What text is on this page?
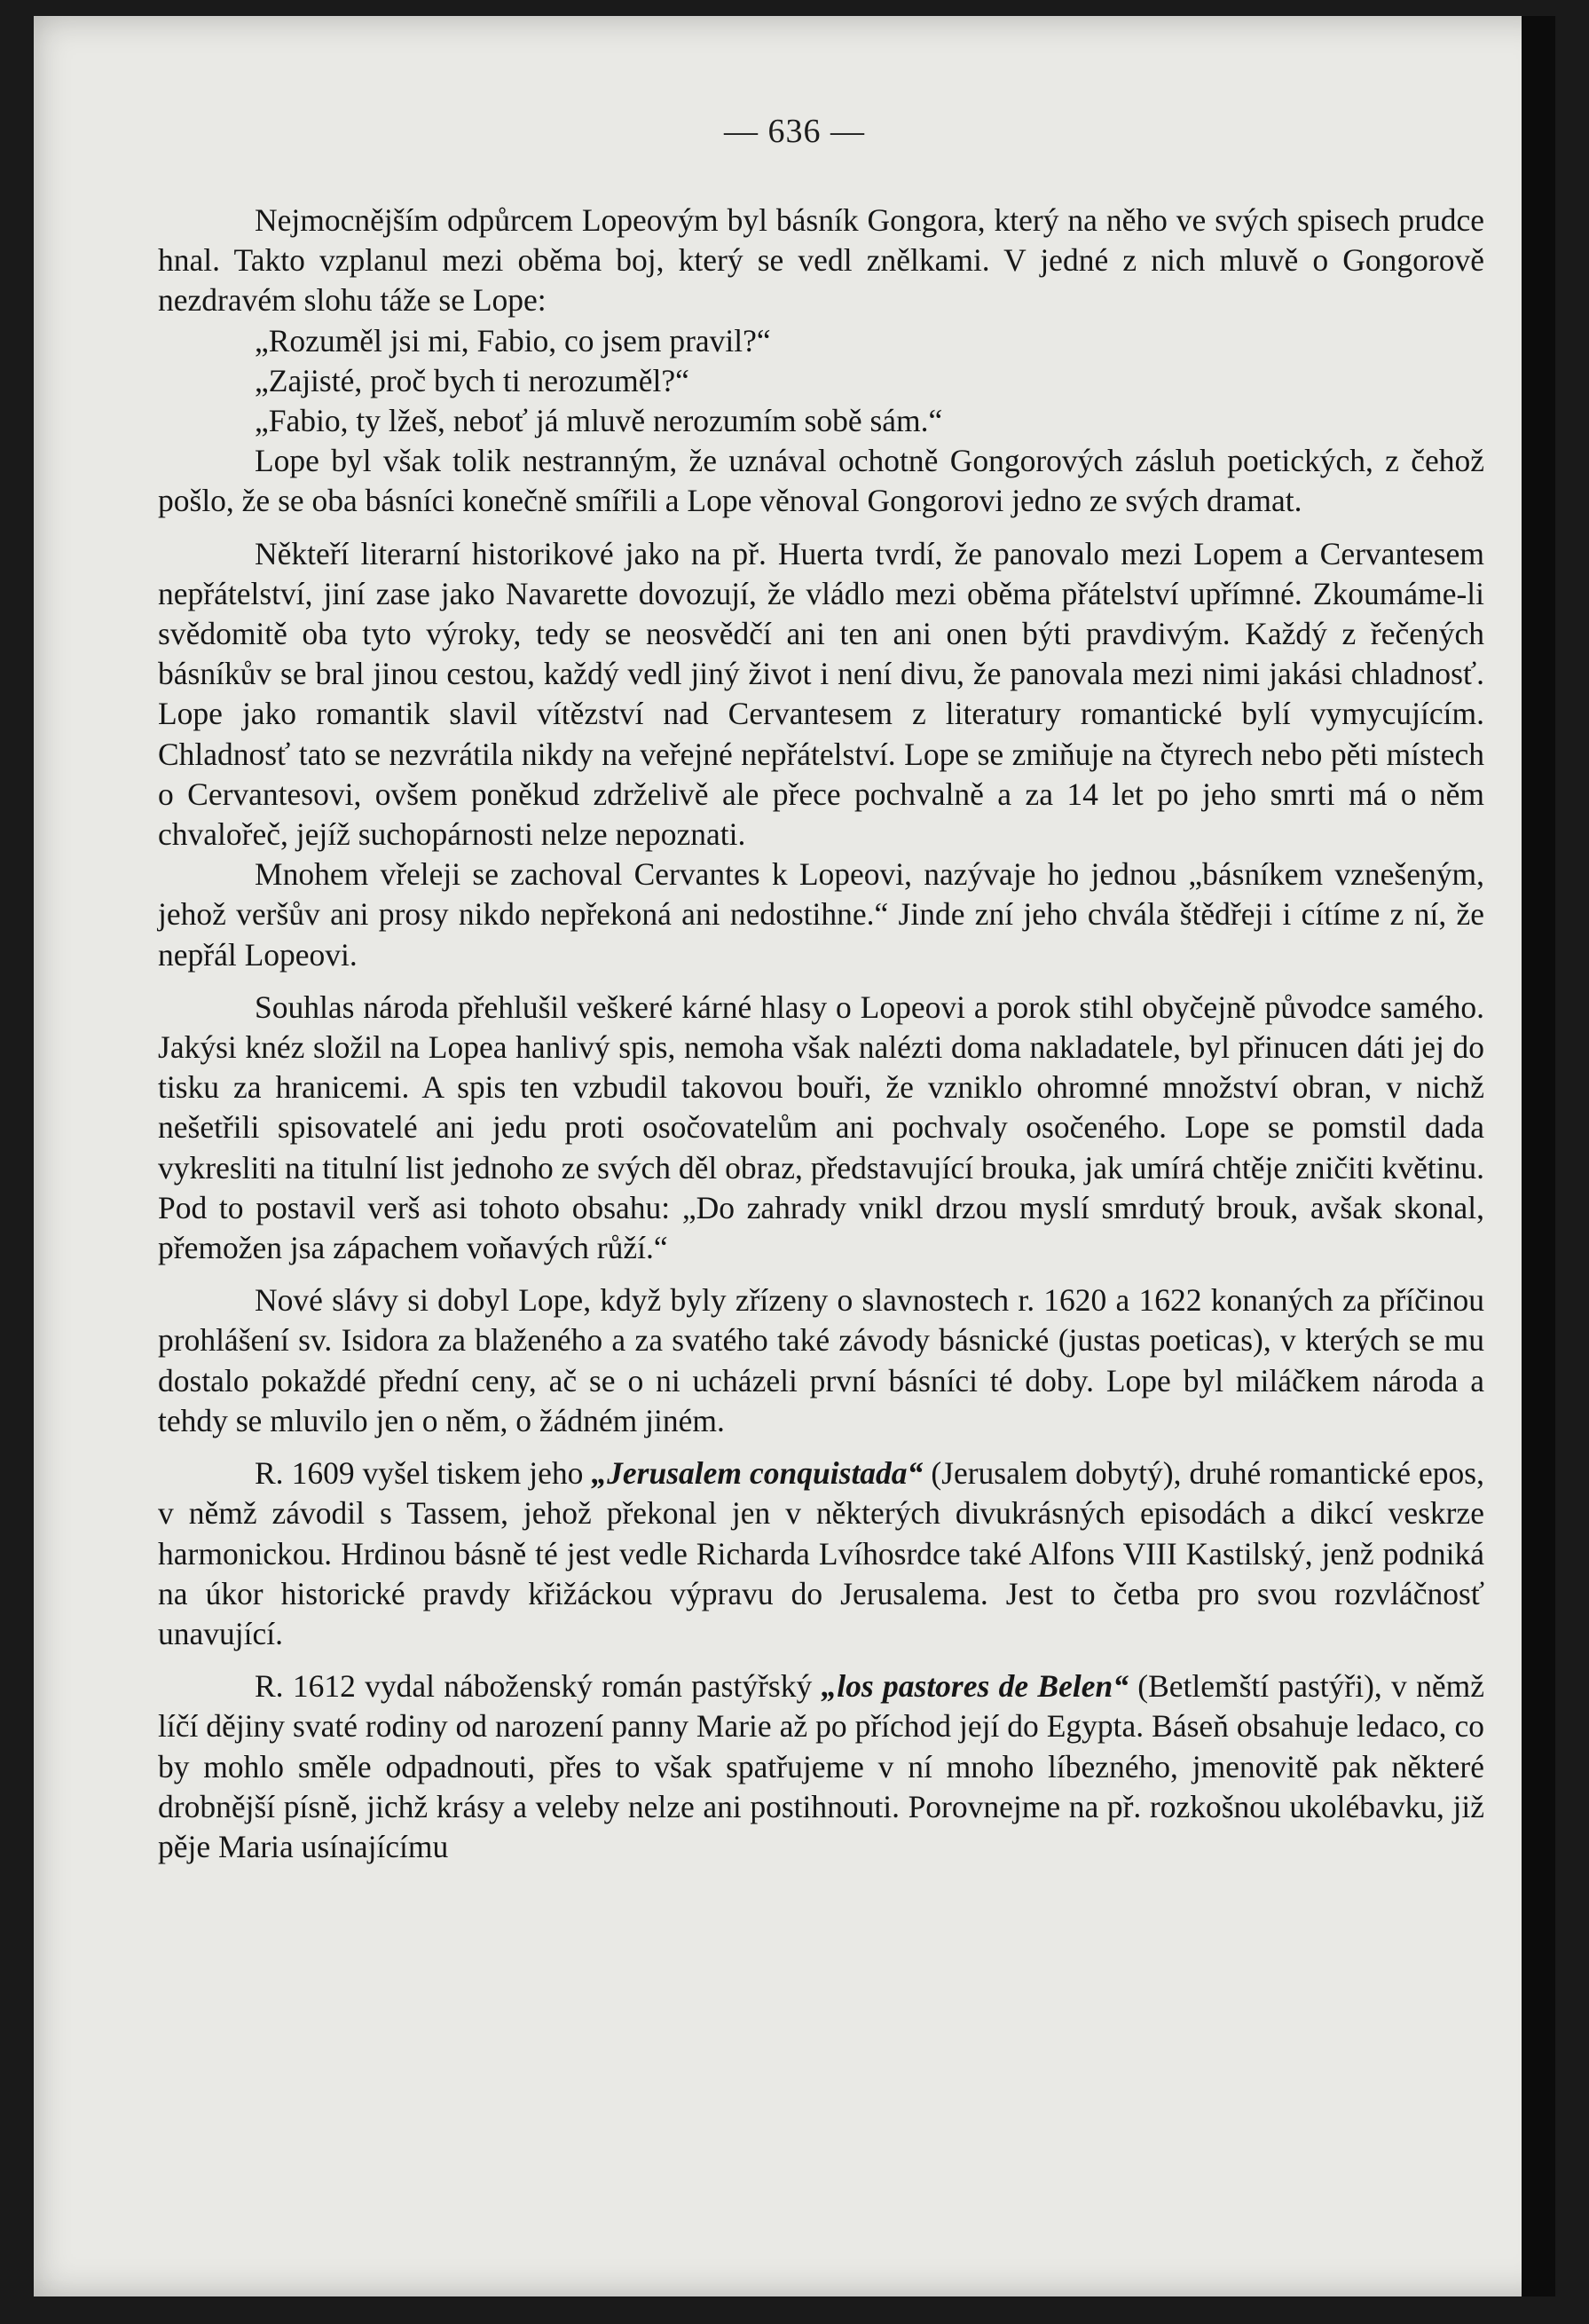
— 636 —

Nejmocnějším odpůrcem Lopeovým byl básník Gongora, který na něho ve svých spisech prudce hnal. Takto vzplanul mezi oběma boj, který se vedl znělkami. V jedné z nich mluvě o Gongorově nezdravém slohu táže se Lope:

„Rozuměl jsi mi, Fabio, co jsem pravil?“

„Zajisté, proč bych ti nerozuměl?“

„Fabio, ty lžeš, neboť já mluvě nerozumím sobě sám.“

Lope byl však tolik nestranným, že uznával ochotně Gongorových zásluh poetických, z čehož pošlo, že se oba básníci konečně smířili a Lope věnoval Gongorovi jedno ze svých dramat.

Někteří literarní historikové jako na př. Huerta tvrdí, že panovalo mezi Lopem a Cervantesem nepřátelství, jiní zase jako Navarette dovozují, že vládlo mezi oběma přátelství upřímné. Zkoumáme-li svědomitě oba tyto výroky, tedy se neosvědčí ani ten ani onen býti pravdivým. Každý z řečených básníkův se bral jinou cestou, každý vedl jiný život i není divu, že panovala mezi nimi jakási chladnosť. Lope jako romantik slavil vítězství nad Cervantesem z literatury romantické bylí vymycujícím. Chladnosť tato se nezvrátila nikdy na veřejné nepřátelství. Lope se zmiňuje na čtyrech nebo pěti místech o Cervantesovi, ovšem poněkud zdrželivě ale přece pochvalně a za 14 let po jeho smrti má o něm chvalořeč, jejíž suchopárnosti nelze nepoznati.

Mnohem vřeleji se zachoval Cervantes k Lopeovi, nazývaje ho jednou „básníkem vznešeným, jehož veršův ani prosy nikdo nepřekoná ani nedostihne.“ Jinde zní jeho chvála štědřeji i cítíme z ní, že nepřál Lopeovi.

Souhlas národa přehlušil veškeré kárné hlasy o Lopeovi a porok stihl obyčejně původce samého. Jakýsi knéz složil na Lopea hanlivý spis, nemoha však nalézti doma nakladatele, byl přinucen dáti jej do tisku za hranicemi. A spis ten vzbudil takovou bouři, že vzniklo ohromné množství obran, v nichž nešetřili spisovatelé ani jedu proti osočovatelům ani pochvaly osočeného. Lope se pomstil dada vykresliti na titulní list jednoho ze svých děl obraz, představující brouka, jak umírá chtěje zničiti květinu. Pod to postavil verš asi tohoto obsahu: „Do zahrady vnikl drzou myslí smrdutý brouk, avšak skonal, přemožen jsa zápachem voňavých růží.“

Nové slávy si dobyl Lope, když byly zřízeny o slavnostech r. 1620 a 1622 konaných za příčinou prohlášení sv. Isidora za blaženého a za svatého také závody básnické (justas poeticas), v kterých se mu dostalo pokaždé přední ceny, ač se o ni ucházeli první básníci té doby. Lope byl miláčkem národa a tehdy se mluvilo jen o něm, o žádném jiném.

R. 1609 vyšel tiskem jeho „Jerusalem conquistada“ (Jerusalem dobytý), druhé romantické epos, v němž závodil s Tassem, jehož překonal jen v některých divukrásných episodách a dikcí veskrze harmonickou. Hrdinou básně té jest vedle Richarda Lvíhosrdce také Alfons VIII Kastilský, jenž podniká na úkor historické pravdy křižáckou výpravu do Jerusalema. Jest to četba pro svou rozvláčnosť unavující.

R. 1612 vydal náboženský román pastýřský „los pastores de Belen“ (Betlemští pastýři), v němž líčí dějiny svaté rodiny od narození panny Marie až po příchod její do Egypta. Báseň obsahuje ledaco, co by mohlo směle odpadnouti, přes to však spatřujeme v ní mnoho líbezného, jmenovitě pak některé drobnější písně, jichž krásy a veleby nelze ani postihnouti. Porovnejme na př. rozkošnou ukolébavku, již pěje Maria usínajícímu
